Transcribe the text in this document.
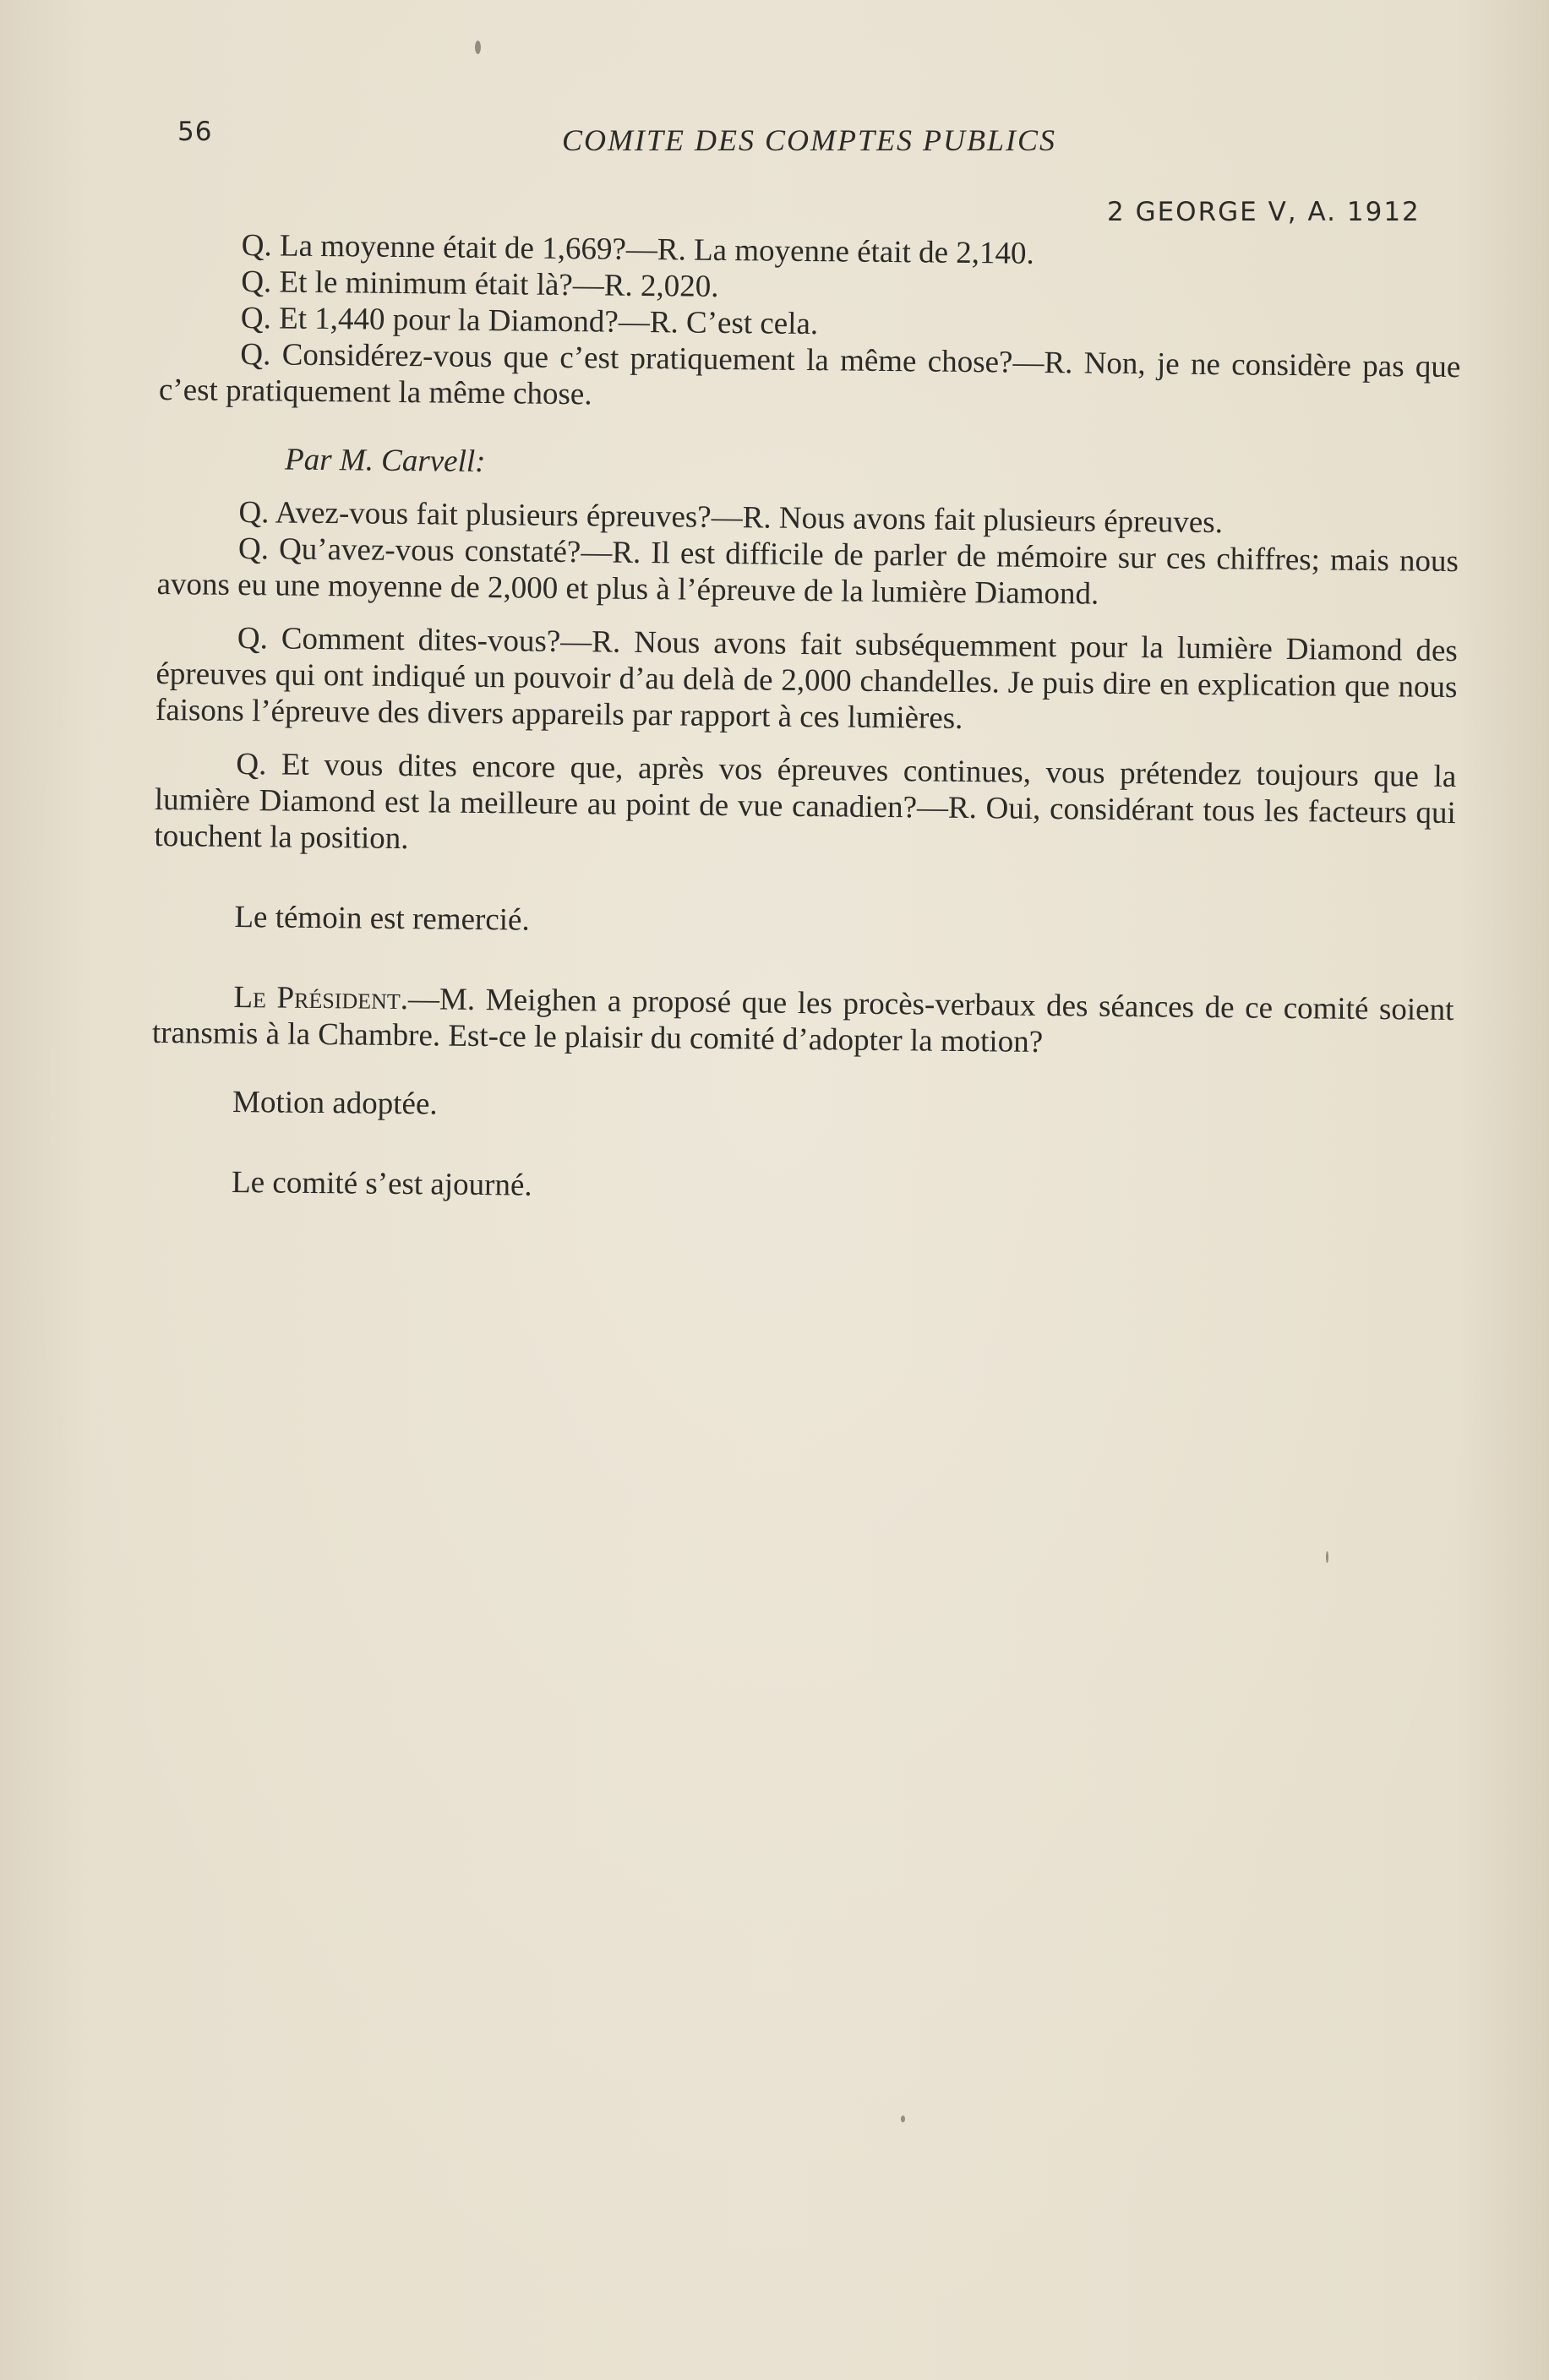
56	COMITE DES COMPTES PUBLICS
2 GEORGE V, A. 1912

Q. La moyenne était de 1,669?—R. La moyenne était de 2,140.

Q. Et le minimum était là?—R. 2,020.

Q. Et 1,440 pour la Diamond?—R. C’est cela.

Q. Considérez-vous que c’est pratiquement la même chose?—R. Non, je ne considère pas que c’est pratiquement la même chose.

Par M. Carvell:

Q. Avez-vous fait plusieurs épreuves?—R. Nous avons fait plusieurs épreuves.

Q. Qu’avez-vous constaté?—R. Il est difficile de parler de mémoire sur ces chiffres; mais nous avons eu une moyenne de 2,000 et plus à l’épreuve de la lumière Diamond.

Q. Comment dites-vous?—R. Nous avons fait subséquemment pour la lumière Diamond des épreuves qui ont indiqué un pouvoir d’au delà de 2,000 chandelles. Je puis dire en explication que nous faisons l’épreuve des divers appareils par rapport à ces lumières.

Q. Et vous dites encore que, après vos épreuves continues, vous prétendez toujours que la lumière Diamond est la meilleure au point de vue canadien?—R. Oui, considérant tous les facteurs qui touchent la position.

Le témoin est remercié.

Le Président.—M. Meighen a proposé que les procès-verbaux des séances de ce comité soient transmis à la Chambre. Est-ce le plaisir du comité d’adopter la motion?

Motion adoptée.

Le comité s’est ajourné.
